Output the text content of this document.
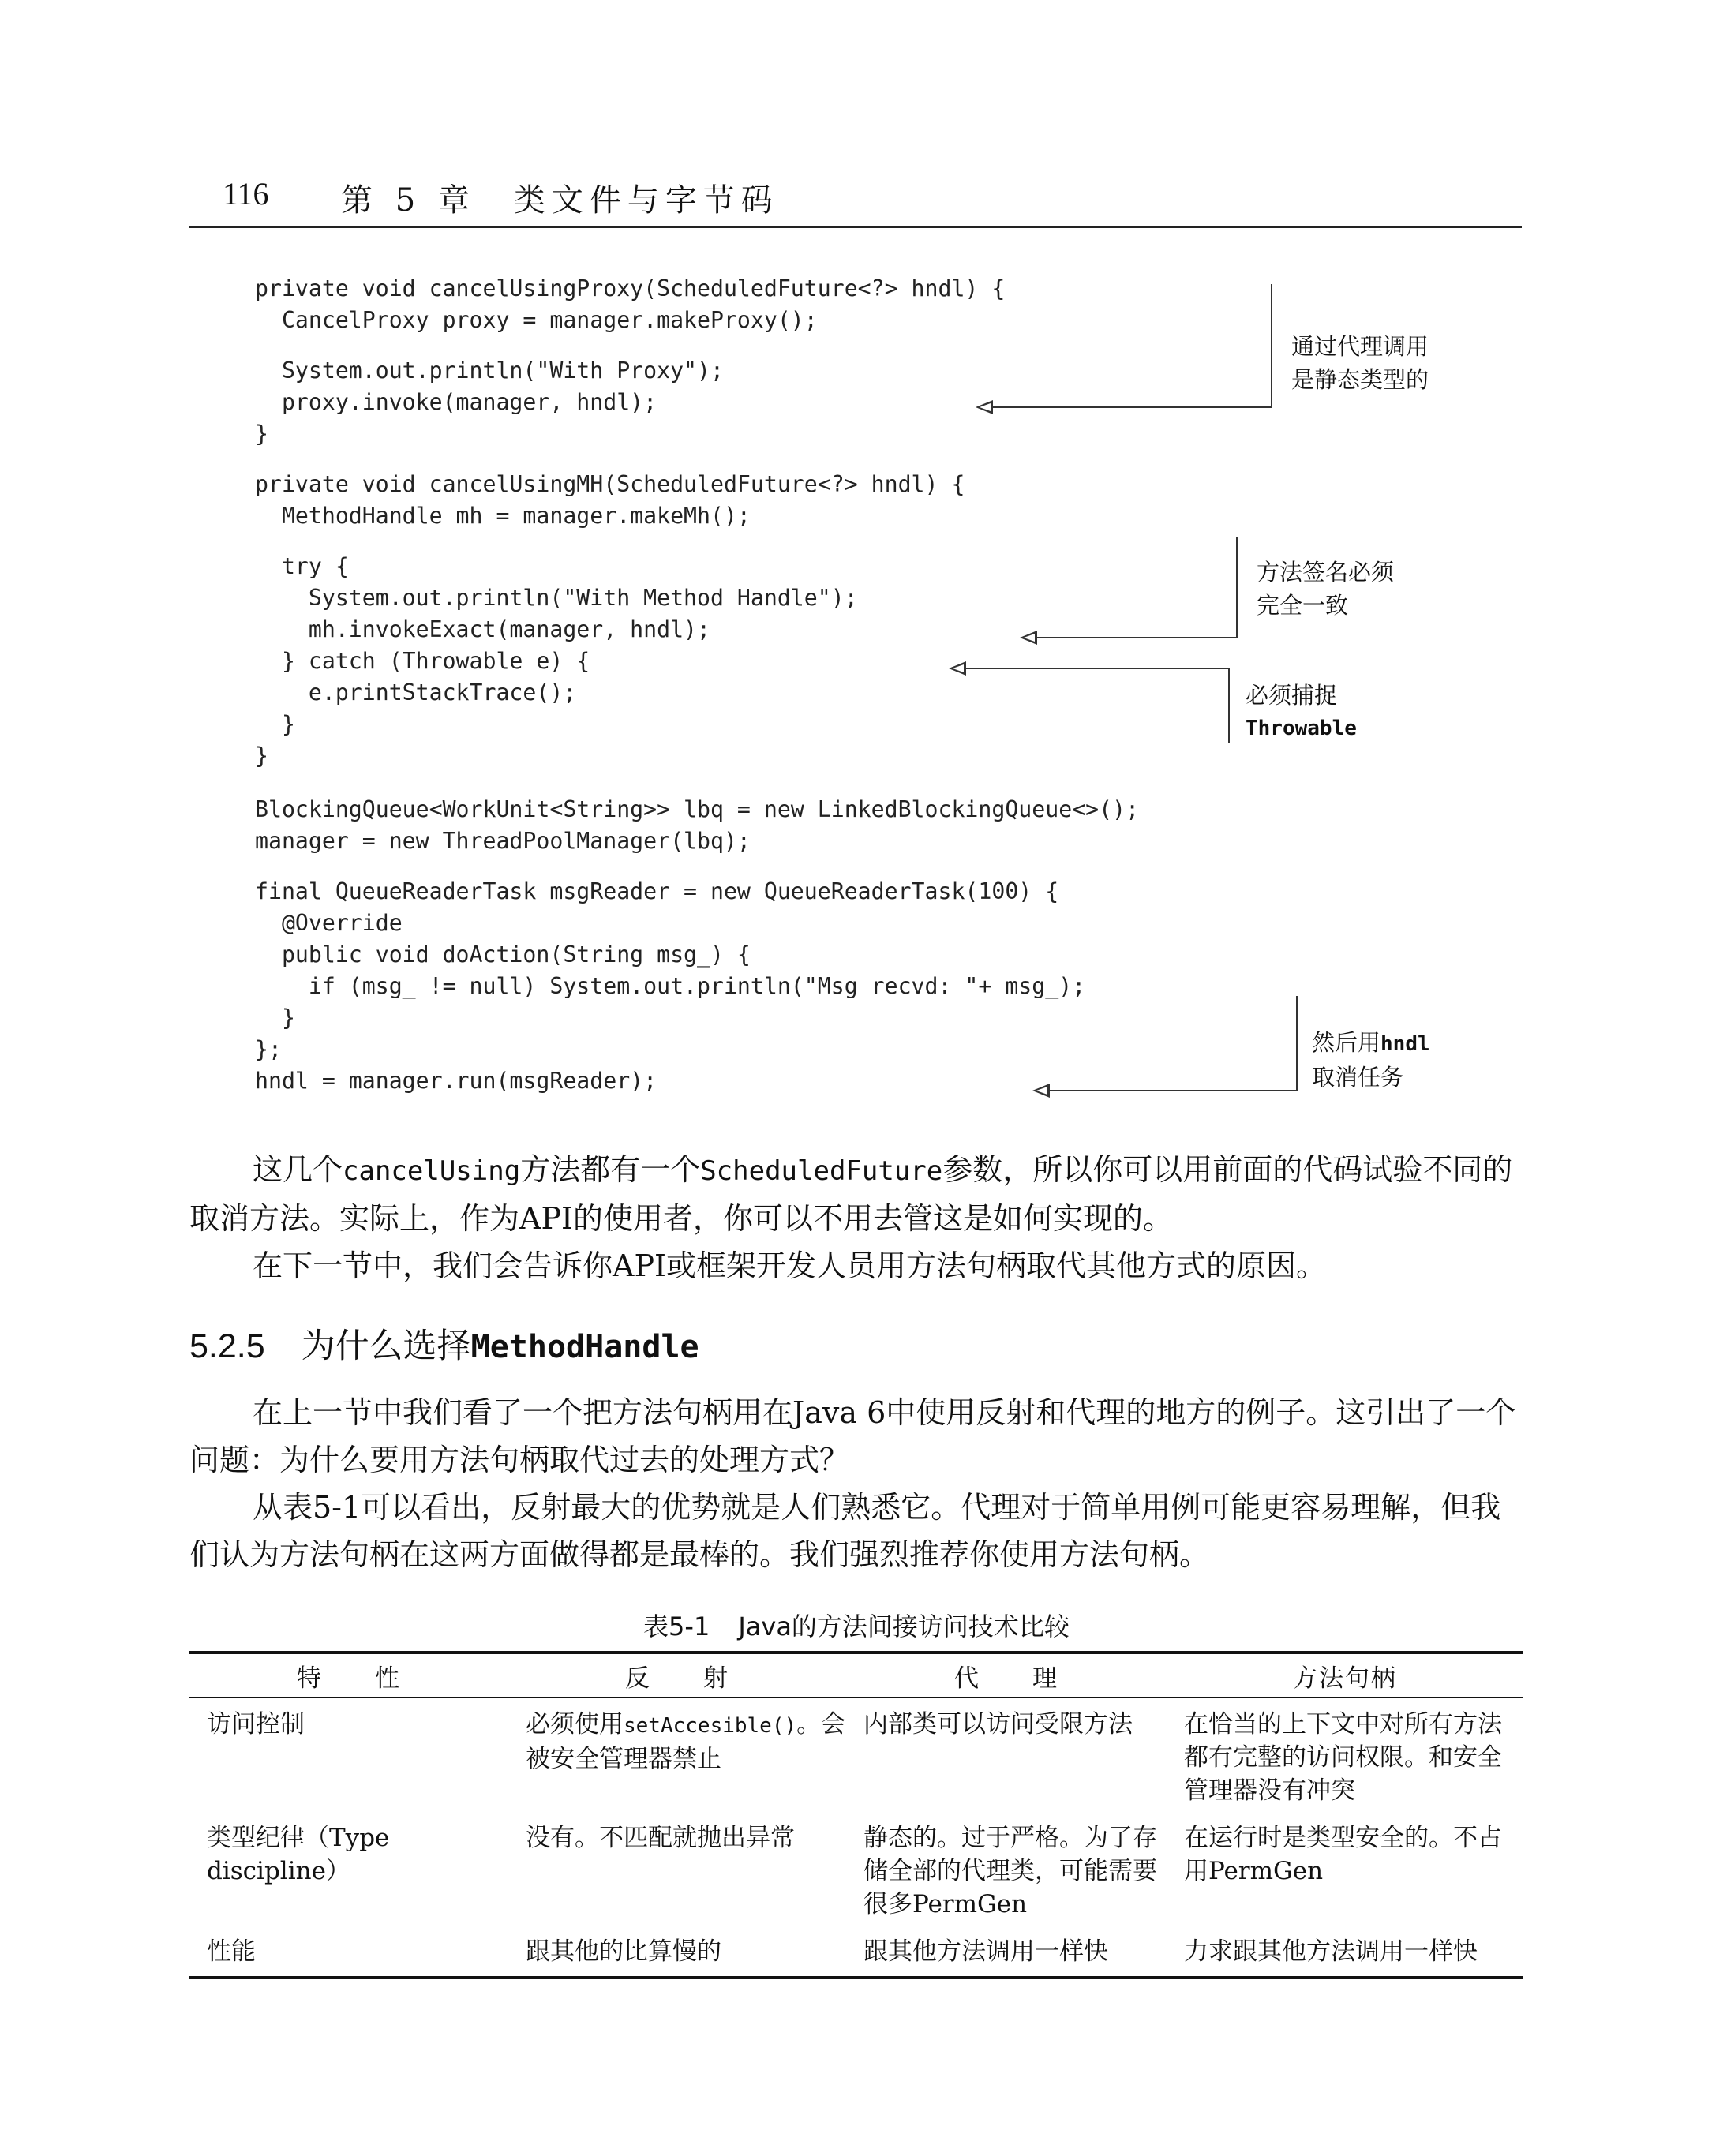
116 第 5 章　类文件与字节码
private void cancelUsingProxy(ScheduledFuture<?> hndl) {
CancelProxy proxy = manager.makeProxy();
System.out.println("With Proxy");
proxy.invoke(manager, hndl);
}
private void cancelUsingMH(ScheduledFuture<?> hndl) {
MethodHandle mh = manager.makeMh();
try {
System.out.println("With Method Handle");
mh.invokeExact(manager, hndl);
} catch (Throwable e) {
e.printStackTrace();
}
}
BlockingQueue<WorkUnit<String>> lbq = new LinkedBlockingQueue<>();
manager = new ThreadPoolManager(lbq);
final QueueReaderTask msgReader = new QueueReaderTask(100) {
@Override
public void doAction(String msg_) {
if (msg_ != null) System.out.println("Msg recvd: "+ msg_);
}
};
hndl = manager.run(msgReader);
通过代理调用
是静态类型的
方法签名必须
完全一致
必须捕捉
Throwable
然后用hndl
取消任务
这几个cancelUsing方法都有一个ScheduledFuture参数，所以你可以用前面的代码试验不同的取消方法。实际上，作为API的使用者，你可以不用去管这是如何实现的。
在下一节中，我们会告诉你API或框架开发人员用方法句柄取代其他方式的原因。
5.2.5 为什么选择MethodHandle
在上一节中我们看了一个把方法句柄用在Java 6中使用反射和代理的地方的例子。这引出了一个问题：为什么要用方法句柄取代过去的处理方式？
从表5-1可以看出，反射最大的优势就是人们熟悉它。代理对于简单用例可能更容易理解，但我们认为方法句柄在这两方面做得都是最棒的。我们强烈推荐你使用方法句柄。
表5-1 Java的方法间接访问技术比较
特　　性	反　　射	代　　理	方法句柄
访问控制	必须使用setAccesible()。会被安全管理器禁止	内部类可以访问受限方法	在恰当的上下文中对所有方法都有完整的访问权限。和安全管理器没有冲突
类型纪律（Type discipline）	没有。不匹配就抛出异常	静态的。过于严格。为了存储全部的代理类，可能需要很多PermGen	在运行时是类型安全的。不占用PermGen
性能	跟其他的比算慢的	跟其他方法调用一样快	力求跟其他方法调用一样快
